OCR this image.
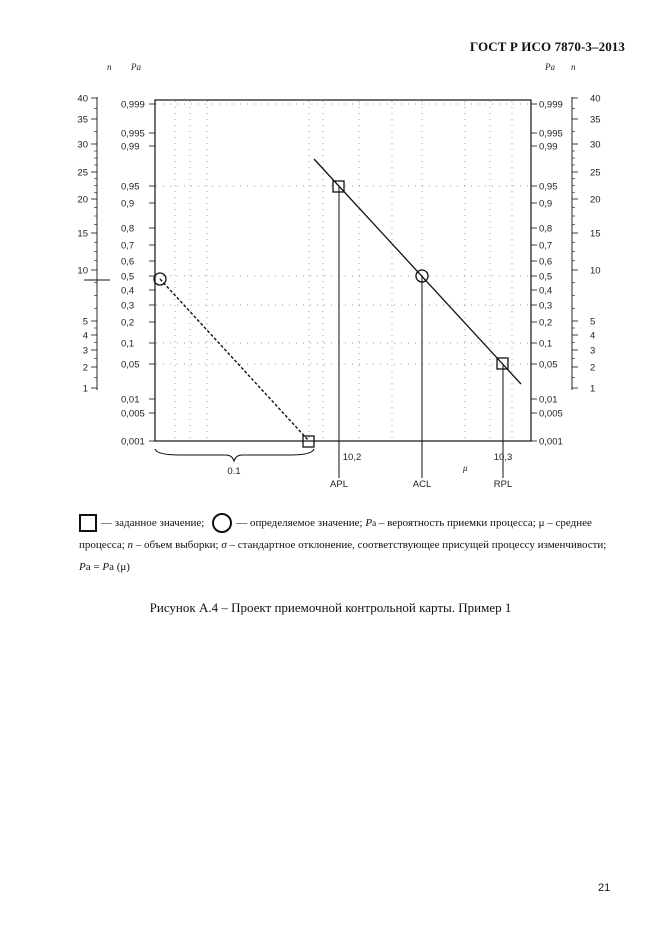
ГОСТ Р ИСО 7870-3–2013
0,999	0,999
0,995	0,995
0,99	0,99
0,95	0,95
0,9	0,9
0,8	0,8
0,7	0,7
0,6	0,6
0,5	0,5
0,4	0,4
0,3	0,3
0,2	0,2
0,1	0,1
0,05	0,05
0,01	0,01
0,005	0,005
0,001	0,001
40	40
35	35
30	30
25	25
20	20
15	15
10	10
5	5
4	4
3	3
2	2
1	1
n Pa	Pa n
0.1
10,2
APL	ACL
10,3
RPL
μ
— заданное значение;	— определяемое значение;
P a
– вероятность приемки процесса;
μ
– среднее
процесса; n – объем выборки; σ – стандартное отклонение, соответствующее присущей процессу изменчивости;
Pa = Pa (μ)
Рисунок А.4 – Проект приемочной контрольной карты. Пример 1
21
